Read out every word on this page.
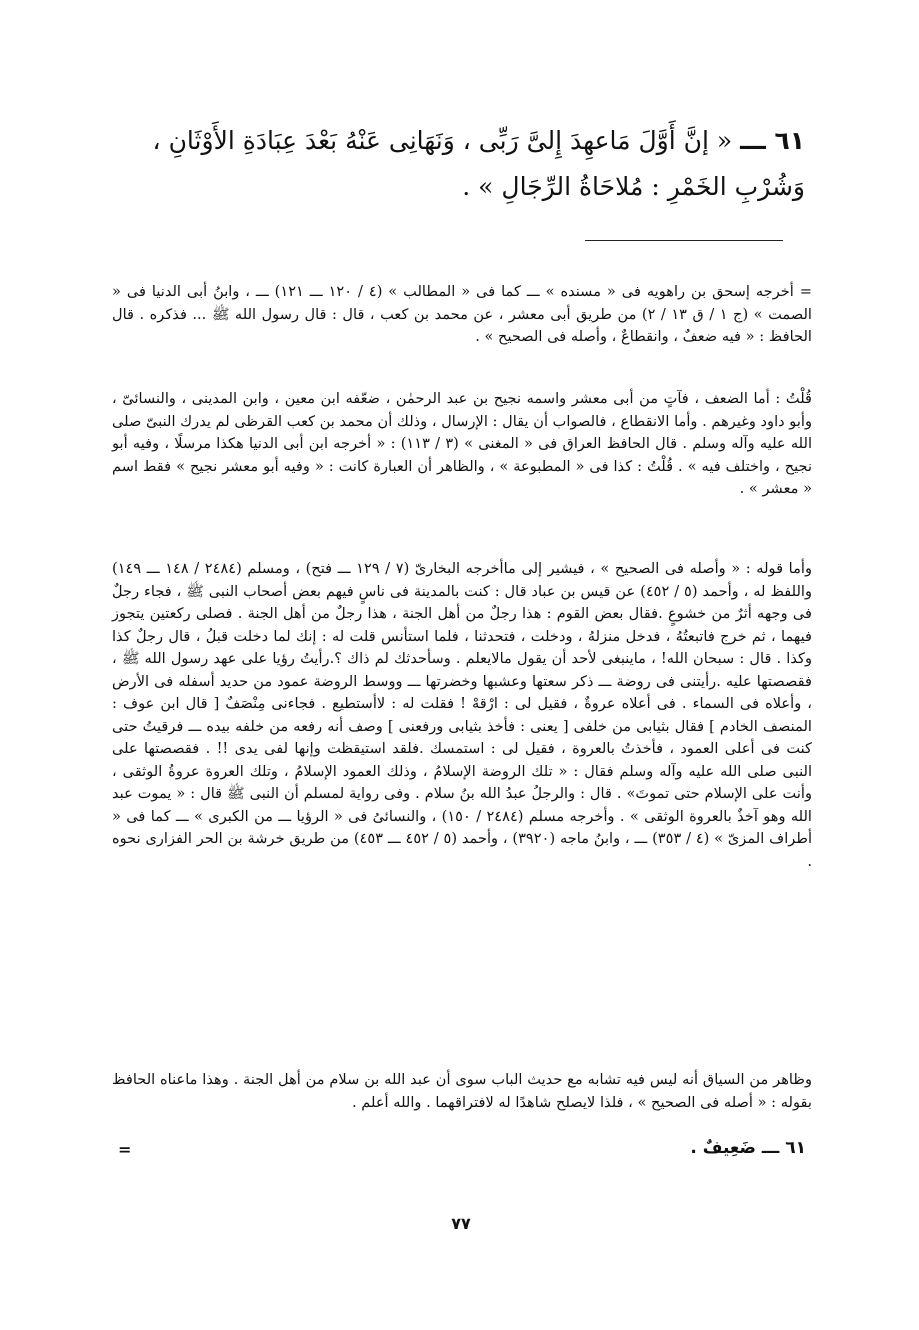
٦١ ـــ « إنَّ أَوَّلَ مَاعهِدَ إِلىَّ رَبِّى ، وَنَهَانِى عَنْهُ بَعْدَ عِبَادَةِ الأَوْثَانِ ، وَشُرْبِ الخَمْرِ : مُلاحَاةُ الرِّجَالِ » .
= أخرجه إسحق بن راهويه فى « مسنده » ـــ كما فى « المطالب » (٤ / ١٢٠ ـــ ١٢١) ـــ ، وابنُ أبى الدنيا فى « الصمت » (ج ١ / ق ١٣ / ٢) من طريق أبى معشر ، عن محمد بن كعب ، قال : قال رسول الله ﷺ ... فذكره . قال الحافظ : « فيه ضعفٌ ، وانقطاعٌ ، وأصله فى الصحيح » .
قُلْتُ : أما الضعف ، فآتٍ من أبى معشر واسمه نجيح بن عبد الرحمٰن ، ضعّفه ابن معين ، وابن المدينى ، والنسائىّ ، وأبو داود وغيرهم . وأما الانقطاع ، فالصواب أن يقال : الإرسال ، وذلك أن محمد بن كعب القرظى لم يدرك النبىّ صلى الله عليه وآله وسلم . قال الحافظ العراق فى « المغنى » (٣ / ١١٣) : « أخرجه ابن أبى الدنيا هكذا مرسلًا ، وفيه أبو نجيح ، واختلف فيه » . قُلْتُ : كذا فى « المطبوعة » ، والظاهر أن العبارة كانت : « وفيه أبو معشر نجيح » فقط اسم « معشر » .
وأما قوله : « وأصله فى الصحيح » ، فيشير إلى ماأخرجه البخارىّ (٧ / ١٢٩ ـــ فتح) ، ومسلم (٢٤٨٤ / ١٤٨ ـــ ١٤٩) واللفظ له ، وأحمد (٥ / ٤٥٢) عن قيس بن عباد قال : كنت بالمدينة فى ناسٍ فيهم بعض أصحاب النبى ﷺ ، فجاء رجلٌ فى وجهه أثرٌ من خشوعٍ .فقال بعض القوم : هذا رجلٌ من أهل الجنة ، هذا رجلٌ من أهل الجنة . فصلى ركعتين يتجوز فيهما ، ثم خرج فاتبعتُهُ ، فدخل منزلهُ ، ودخلت ، فتحدثنا ، فلما استأنس قلت له : إنك لما دخلت قبلُ ، قال رجلٌ كذا وكذا . قال : سبحان الله! ، ماينبغى لأحد أن يقول مالايعلم . وسأحدثك لم ذاك ؟.رأيتُ رؤيا على عهد رسول الله ﷺ ، فقصصتها عليه .رأيتنى فى روضة ـــ ذكر سعتها وعشبها وخضرتها ـــ ووسط الروضة عمود من حديد أسفله فى الأرض ، وأعلاه فى السماء . فى أعلاه عروةٌ ، فقيل لى : ارْقهْ ! فقلت له : لاأستطيع . فجاءنى مِنْصَفٌ [ قال ابن عوف : المنصف الخادم ] فقال بثيابى من خلفى [ يعنى : فأخذ بثيابى ورفعنى ] وصف أنه رفعه من خلفه بيده ـــ فرقيتُ حتى كنت فى أعلى العمود ، فأخذتُ بالعروة ، فقيل لى : استمسك .فلقد استيقظت وإنها لفى يدى !! . فقصصتها على النبى صلى الله عليه وآله وسلم فقال : « تلك الروضة الإسلامُ ، وذلك العمود الإسلامُ ، وتلك العروة عروةُ الوثقى ، وأنت على الإسلام حتى تموتَ» . قال : والرجلُ عبدُ الله بنُ سلام . وفى رواية لمسلم أن النبى ﷺ قال : « يموت عبد الله وهو آخذٌ بالعروة الوثقى » . وأخرجه مسلم (٢٤٨٤ / ١٥٠) ، والنسائىُ فى « الرؤيا ـــ من الكبرى » ـــ كما فى « أطراف المزىّ » (٤ / ٣٥٣) ـــ ، وابنُ ماجه (٣٩٢٠) ، وأحمد (٥ / ٤٥٢ ـــ ٤٥٣) من طريق خرشة بن الحر الفزارى نحوه .
وظاهر من السياق أنه ليس فيه تشابه مع حديث الباب سوى أن عبد الله بن سلام من أهل الجنة . وهذا ماعناه الحافظ بقوله : « أصله فى الصحيح » ، فلذا لايصلح شاهدًا له لافتراقهما . والله أعلم .
٦١ ـــ ضَعِيفٌ .
=
٧٧
